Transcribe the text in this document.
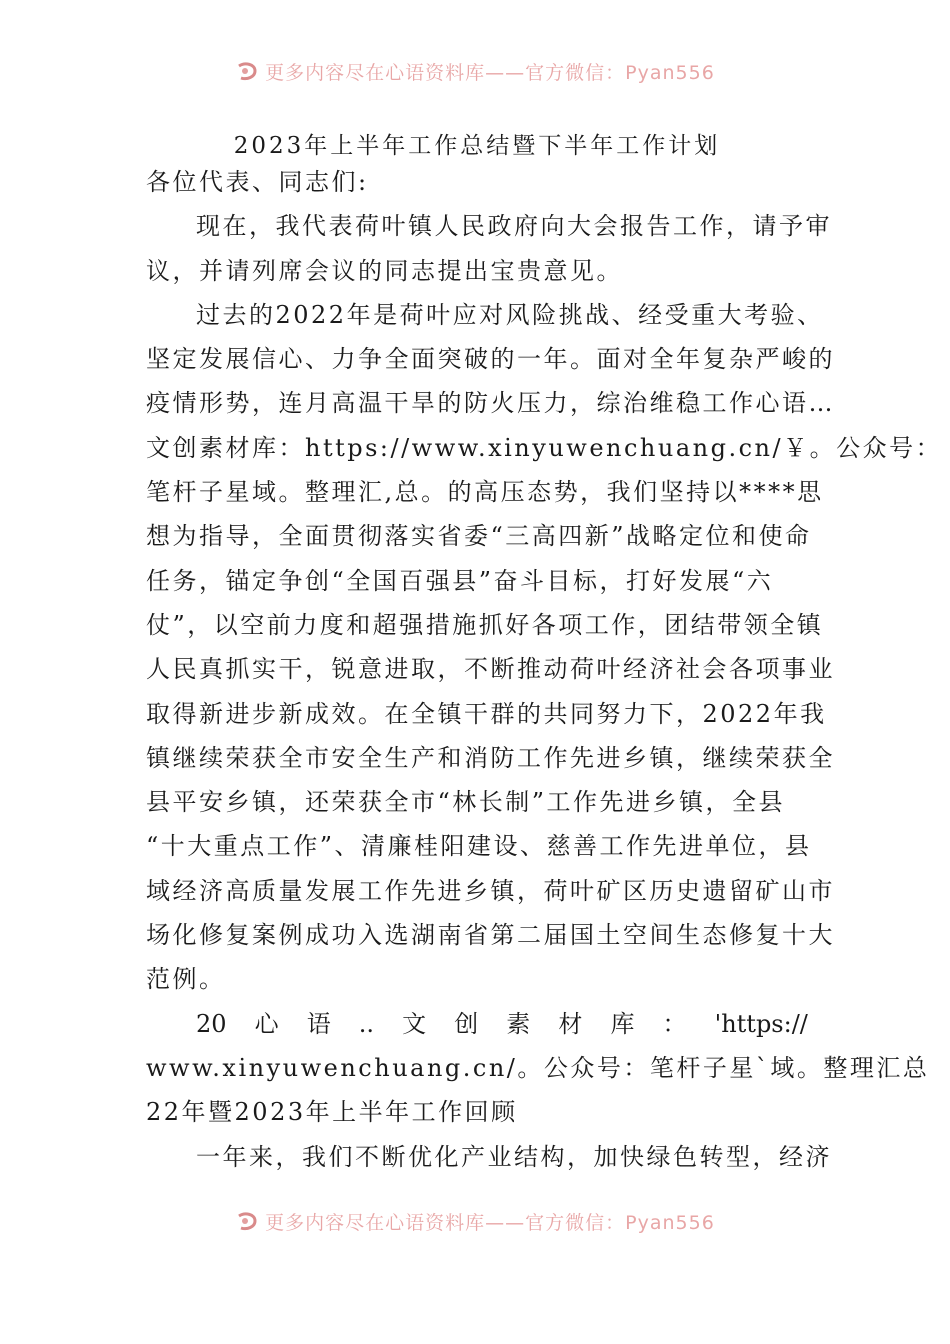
更多内容尽在心语资料库——官方微信：Pyan556
2023年上半年工作总结暨下半年工作计划

各位代表、同志们:

现在，我代表荷叶镇人民政府向大会报告工作，请予审

议，并请列席会议的同志提出宝贵意见。

过去的2022年是荷叶应对风险挑战、经受重大考验、

坚定发展信心、力争全面突破的一年。面对全年复杂严峻的

疫情形势，连月高温干旱的防火压力，综治维稳工作心语…

文创素材库：https://www.xinyuwenchuang.cn/￥。公众号：

笔杆子星域。整理汇,总。的高压态势，我们坚持以****思

想为指导，全面贯彻落实省委“三高四新”战略定位和使命

任务，锚定争创“全国百强县”奋斗目标，打好发展“六

仗”，以空前力度和超强措施抓好各项工作，团结带领全镇

人民真抓实干，锐意进取，不断推动荷叶经济社会各项事业

取得新进步新成效。在全镇干群的共同努力下，2022年我

镇继续荣获全市安全生产和消防工作先进乡镇，继续荣获全

县平安乡镇，还荣获全市“林长制”工作先进乡镇，全县

“十大重点工作”、清廉桂阳建设、慈善工作先进单位，县

域经济高质量发展工作先进乡镇，荷叶矿区历史遗留矿山市

场化修复案例成功入选湖南省第二届国土空间生态修复十大

范例。

20 心 语 .. 文 创 素 材 库 ： 'https://

www.xinyuwenchuang.cn/。公众号：笔杆子星`域。整理汇总

22年暨2023年上半年工作回顾

一年来，我们不断优化产业结构，加快绿色转型，经济

更多内容尽在心语资料库——官方微信：Pyan556
